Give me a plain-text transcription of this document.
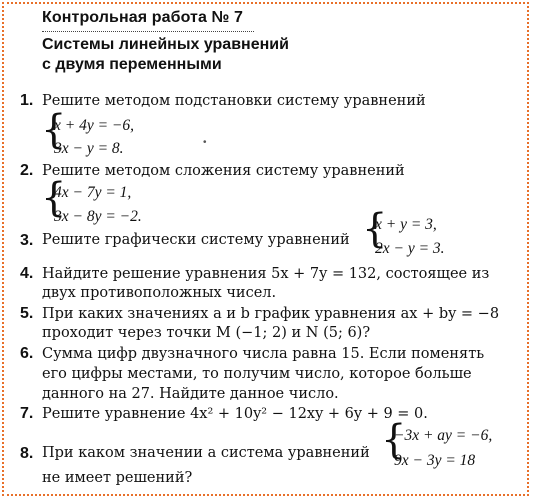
Контрольная работа № 7
Системы линейных уравнений
с двумя переменными
1. Решите методом подстановки систему уравнений
{
x + 4y = −6,
3x − y = 8.	•
2. Решите методом сложения систему уравнений
{
4x − 7y = 1,
3x − 8y = −2.
3. Решите графически систему уравнений {
x + y = 3,
2x − y = 3.
4. Найдите решение уравнения 5x + 7y = 132, состоящее из
двух противоположных чисел.
5. При каких значениях a и b график уравнения ax + by = −8
проходит через точки M (−1; 2) и N (5; 6)?
6. Сумма цифр двузначного числа равна 15. Если поменять
его цифры местами, то получим число, которое больше
данного на 27. Найдите данное число.
7. Решите уравнение 4x² + 10y² − 12xy + 6y + 9 = 0.
8. При каком значении a система уравнений {
−3x + ay = −6,
9x − 3y = 18
не имеет решений?
